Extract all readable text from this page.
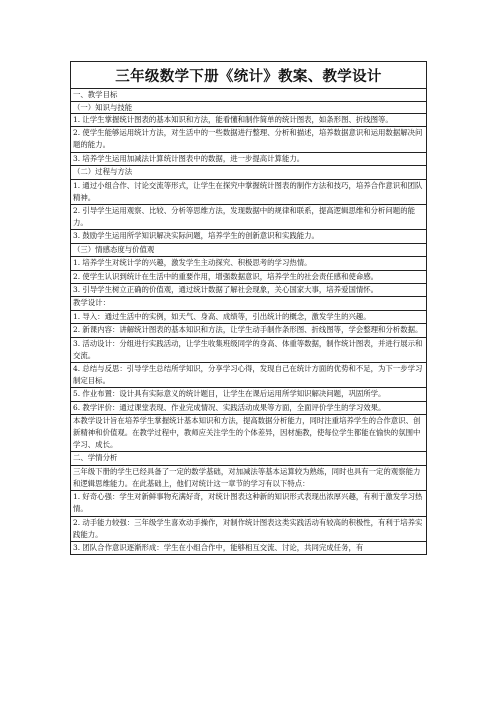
三年级数学下册《统计》教案、教学设计
一、教学目标
（一）知识与技能
1. 让学生掌握统计图表的基本知识和方法，能看懂和制作简单的统计图表，如条形图、折线图等。
2. 使学生能够运用统计方法，对生活中的一些数据进行整理、分析和描述，培养数据意识和运用数据解决问题的能力。
3. 培养学生运用加减法计算统计图表中的数据，进一步提高计算能力。
（二）过程与方法
1. 通过小组合作、讨论交流等形式，让学生在探究中掌握统计图表的制作方法和技巧，培养合作意识和团队精神。
2. 引导学生运用观察、比较、分析等思维方法，发现数据中的规律和联系，提高逻辑思维和分析问题的能力。
3. 鼓励学生运用所学知识解决实际问题，培养学生的创新意识和实践能力。
（三）情感态度与价值观
1. 培养学生对统计学的兴趣，激发学生主动探究、积极思考的学习热情。
2. 使学生认识到统计在生活中的重要作用，增强数据意识，培养学生的社会责任感和使命感。
3. 引导学生树立正确的价值观，通过统计数据了解社会现象，关心国家大事，培养爱国情怀。
教学设计：
1. 导入：通过生活中的实例，如天气、身高、成绩等，引出统计的概念，激发学生的兴趣。
2. 新课内容：讲解统计图表的基本知识和方法，让学生动手制作条形图、折线图等，学会整理和分析数据。
3. 活动设计：分组进行实践活动，让学生收集班级同学的身高、体重等数据，制作统计图表，并进行展示和交流。
4. 总结与反思：引导学生总结所学知识，分享学习心得，发现自己在统计方面的优势和不足，为下一步学习制定目标。
5. 作业布置：设计具有实际意义的统计题目，让学生在课后运用所学知识解决问题，巩固所学。
6. 教学评价：通过课堂表现、作业完成情况、实践活动成果等方面，全面评价学生的学习效果。
本教学设计旨在培养学生掌握统计基本知识和方法，提高数据分析能力，同时注重培养学生的合作意识、创新精神和价值观。在教学过程中，教师应关注学生的个体差异，因材施教，使每位学生都能在愉快的氛围中学习、成长。
二、学情分析
三年级下册的学生已经具备了一定的数学基础，对加减法等基本运算较为熟练，同时也具有一定的观察能力和逻辑思维能力。在此基础上，他们对统计这一章节的学习有以下特点：
1. 好奇心强：学生对新鲜事物充满好奇，对统计图表这种新的知识形式表现出浓厚兴趣，有利于激发学习热情。
2. 动手能力较强：三年级学生喜欢动手操作，对制作统计图表这类实践活动有较高的积极性，有利于培养实践能力。
3. 团队合作意识逐渐形成：学生在小组合作中，能够相互交流、讨论，共同完成任务，有
